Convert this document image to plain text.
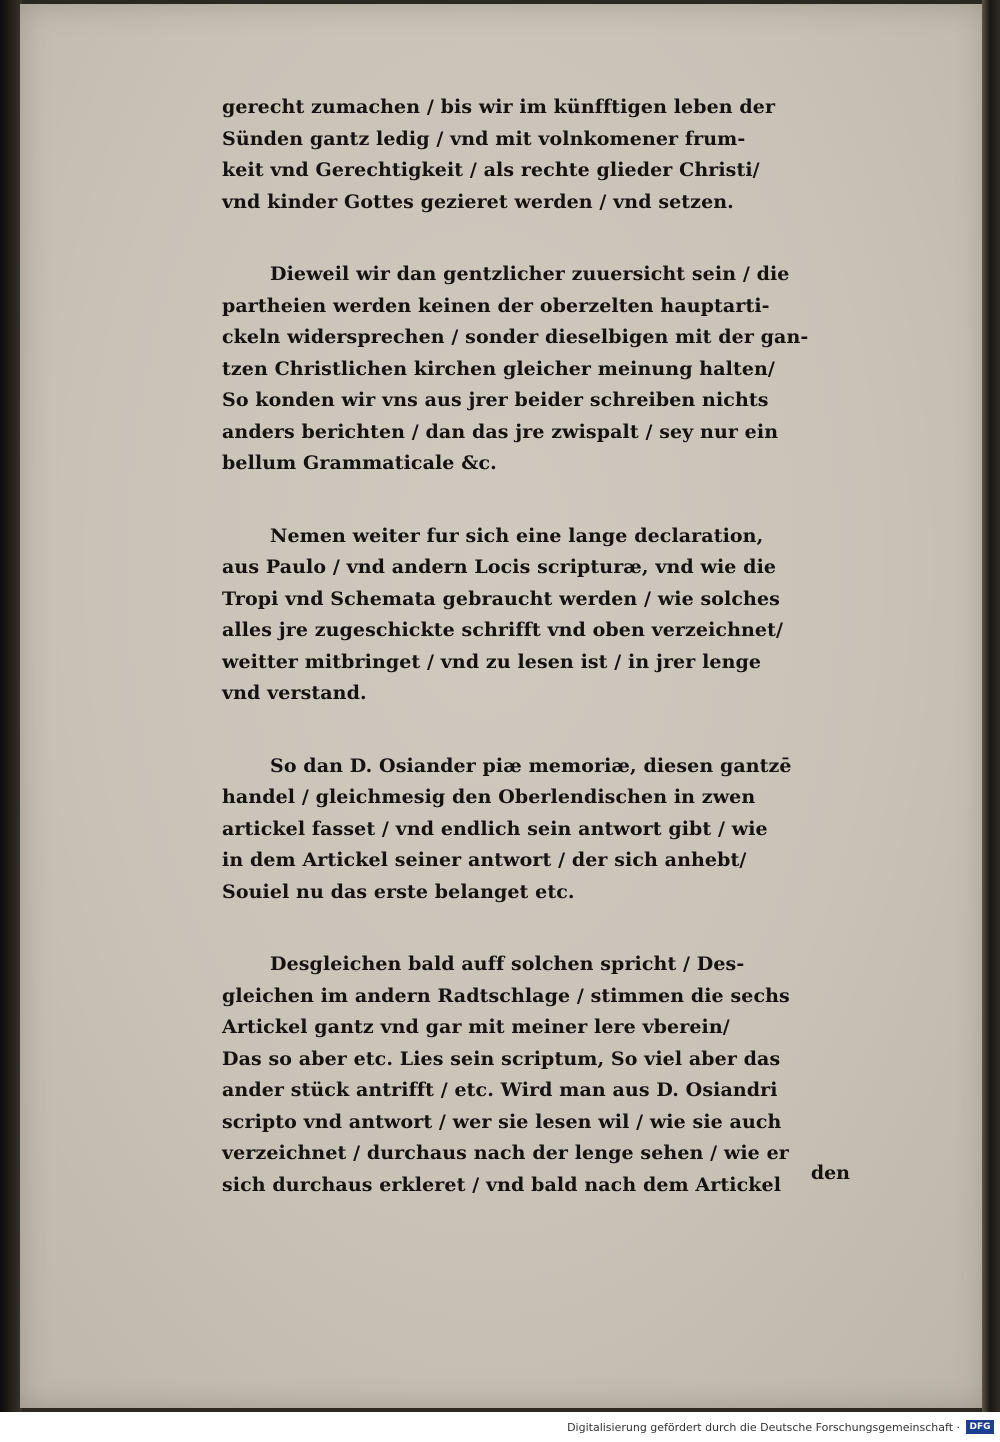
gerecht zumachen / bis wir im künfftigen leben der
Sünden gantz ledig / vnd mit volnkomener frum-
keit vnd Gerechtigkeit / als rechte glieder Christi/
vnd kinder Gottes gezieret werden / vnd setzen.
Dieweil wir dan gentzlicher zuuersicht sein / die
partheien werden keinen der oberzelten hauptarti-
ckeln widersprechen / sonder dieselbigen mit der gan-
tzen Christlichen kirchen gleicher meinung halten/
So konden wir vns aus jrer beider schreiben nichts
anders berichten / dan das jre zwispalt / sey nur ein
bellum Grammaticale &c.
Nemen weiter fur sich eine lange declaration,
aus Paulo / vnd andern Locis scripturæ, vnd wie die
Tropi vnd Schemata gebraucht werden / wie solches
alles jre zugeschickte schrifft vnd oben verzeichnet/
weitter mitbringet / vnd zu lesen ist / in jrer lenge
vnd verstand.
So dan D. Osiander piæ memoriæ, diesen gantzē
handel / gleichmesig den Oberlendischen in zwen
artickel fasset / vnd endlich sein antwort gibt / wie
in dem Artickel seiner antwort / der sich anhebt/
Souiel nu das erste belanget etc.
Desgleichen bald auff solchen spricht / Des-
gleichen im andern Radtschlage / stimmen die sechs
Artickel gantz vnd gar mit meiner lere vberein/
Das so aber etc. Lies sein scriptum, So viel aber das
ander stück antrifft / etc. Wird man aus D. Osiandri
scripto vnd antwort / wer sie lesen wil / wie sie auch
verzeichnet / durchaus nach der lenge sehen / wie er
sich durchaus erkleret / vnd bald nach dem Artickel
den
Digitalisierung gefördert durch die Deutsche Forschungsgemeinschaft ·	DFG
